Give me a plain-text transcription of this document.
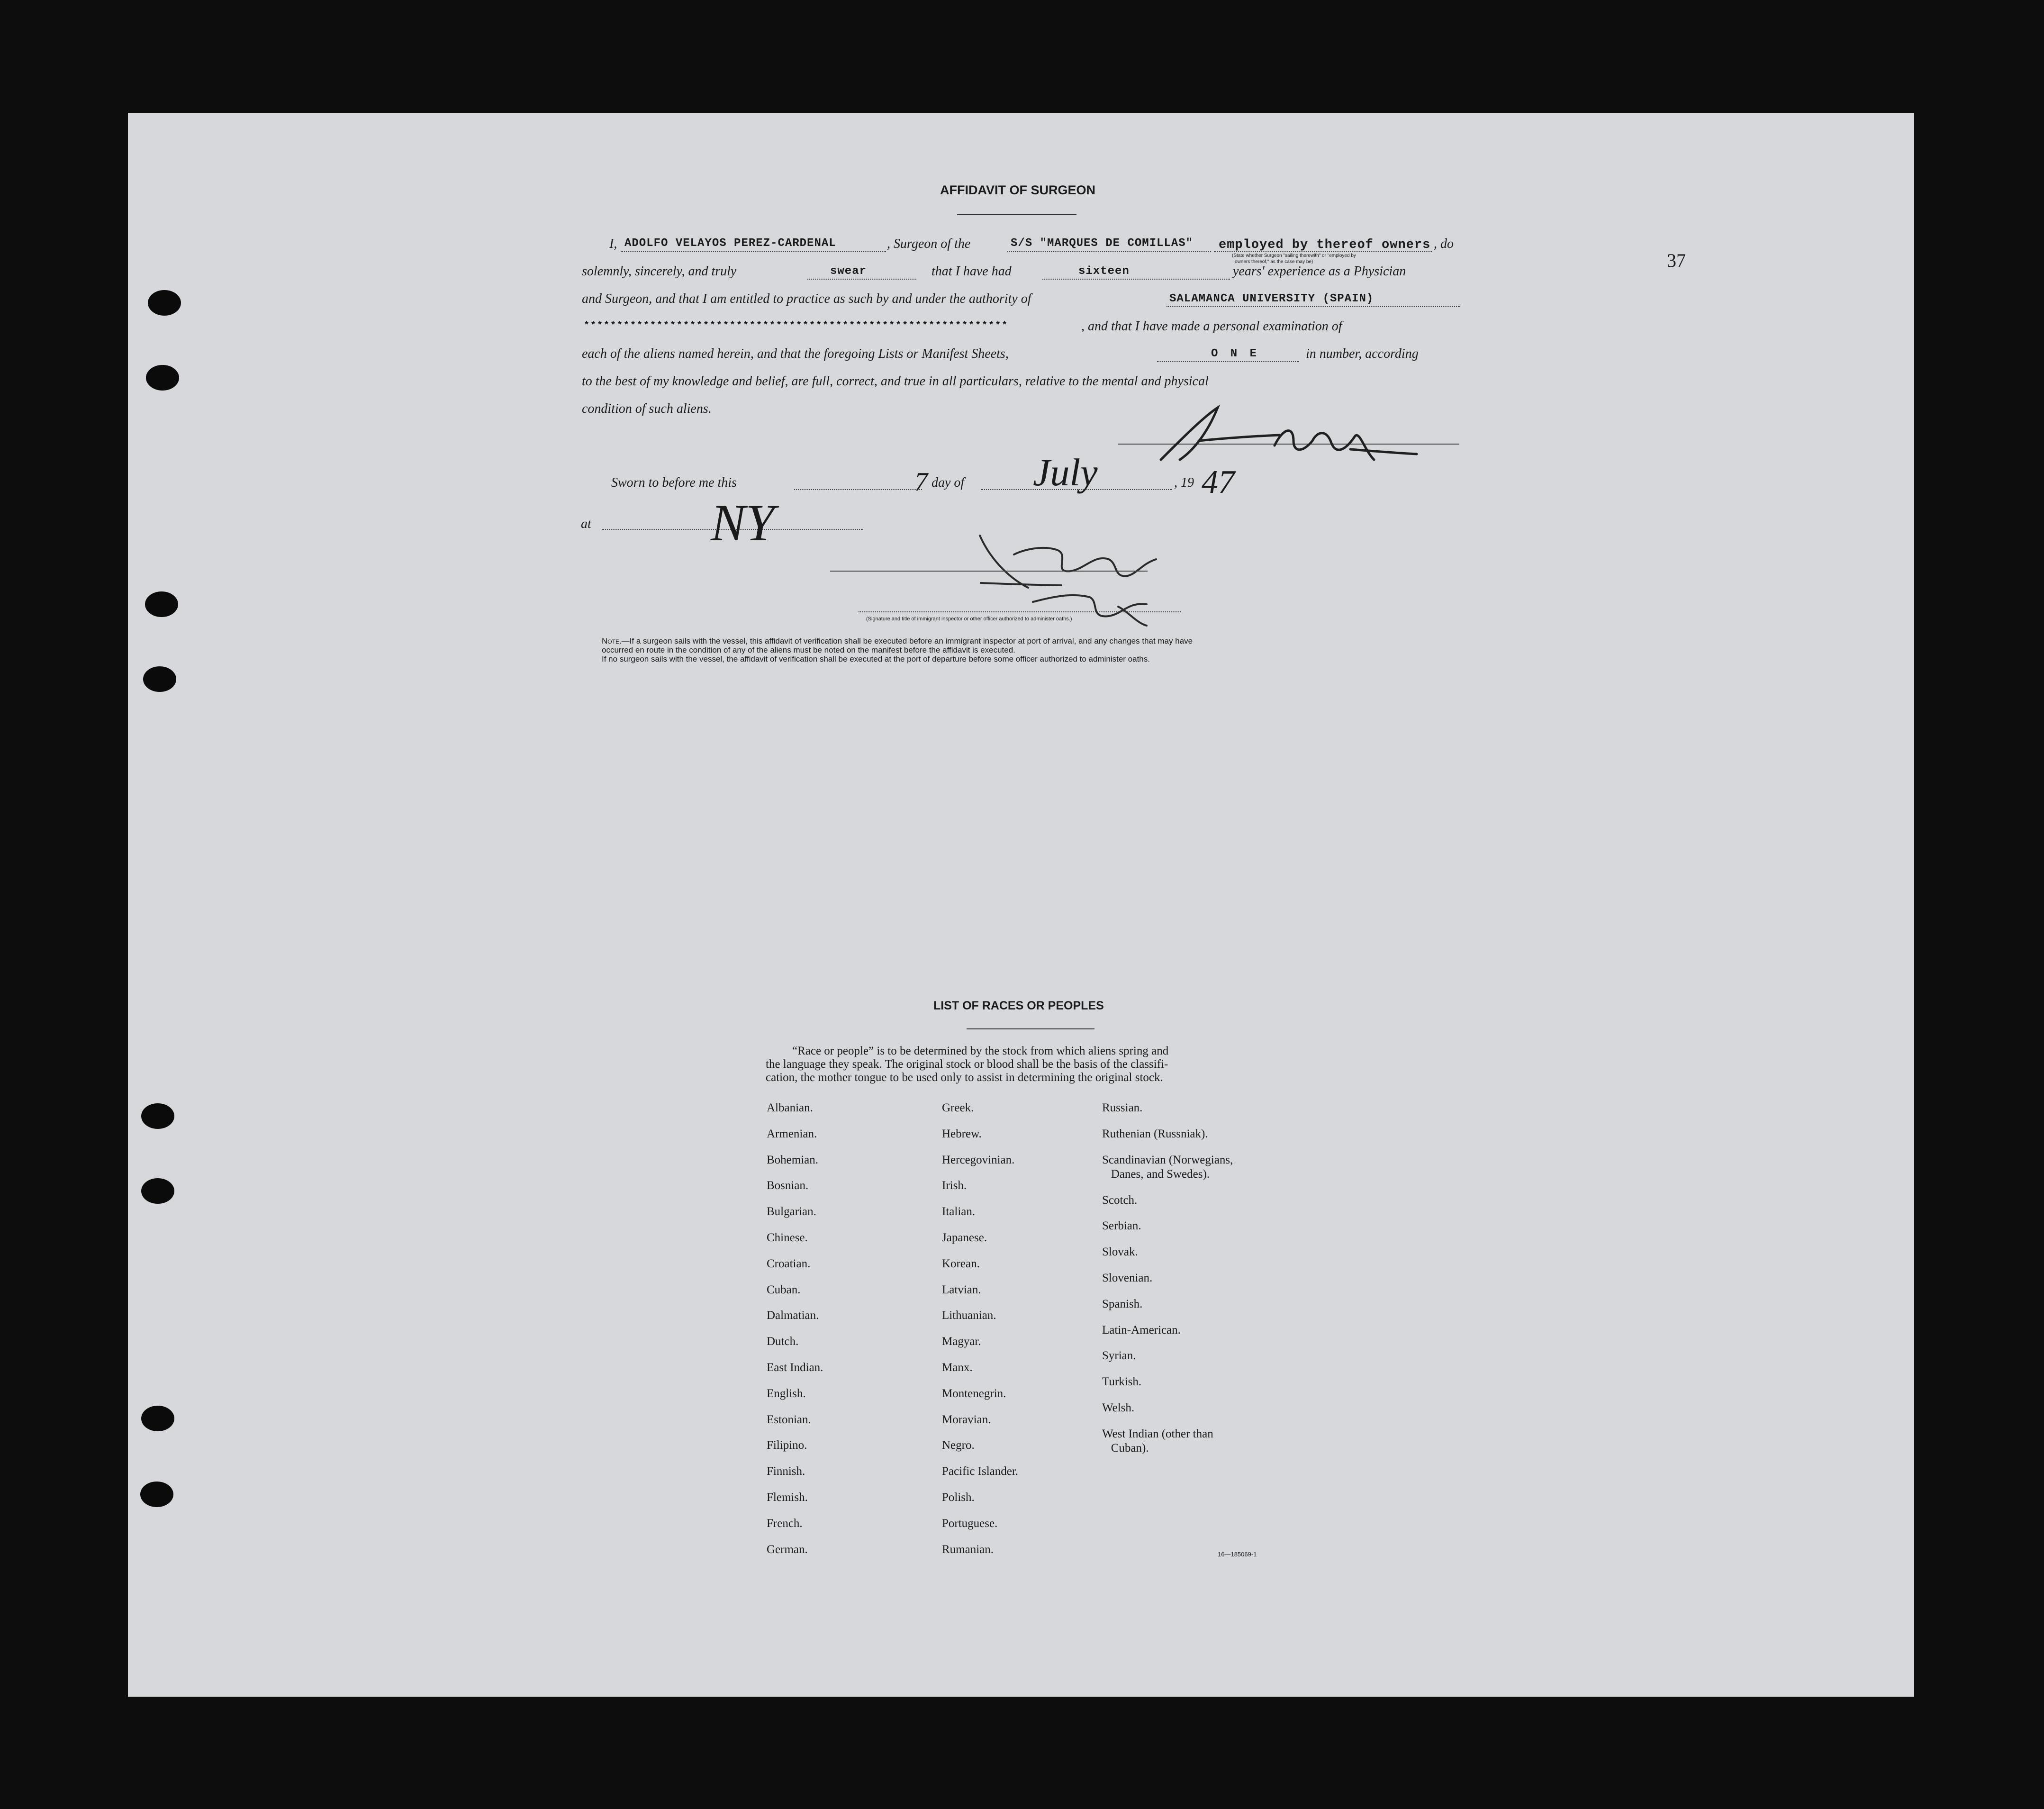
37
AFFIDAVIT OF SURGEON
I, ADOLFO VELAYOS PEREZ-CARDENAL	, Surgeon of the	S/S "MARQUES DE COMILLAS" employed by thereof owners
(State whether Surgeon "sailing therewith" or "employed by
owners thereof," as the case may be)
, do
solemnly, sincerely, and truly	swear	that I have had	sixteen	years' experience as a Physician
and Surgeon, and that I am entitled to practice as such by and under the authority of	SALAMANCA UNIVERSITY (SPAIN)
****************************************************************	, and that I have made a personal examination of
each of the aliens named herein, and that the foregoing Lists or Manifest Sheets,	O N E	in number, according
to the best of my knowledge and belief, are full, correct, and true in all particulars, relative to the mental and physical
condition of such aliens.
Sworn to before me this	7 day of July	, 19 47
at NY
(Signature and title of immigrant inspector or other officer authorized to administer oaths.)
Note.—If a surgeon sails with the vessel, this affidavit of verification shall be executed before an immigrant inspector at port of arrival, and any changes that may have
occurred en route in the condition of any of the aliens must be noted on the manifest before the affidavit is executed.
If no surgeon sails with the vessel, the affidavit of verification shall be executed at the port of departure before some officer authorized to administer oaths.
LIST OF RACES OR PEOPLES
“Race or people” is to be determined by the stock from which aliens spring and
the language they speak. The original stock or blood shall be the basis of the classifi-
cation, the mother tongue to be used only to assist in determining the original stock.
Albanian.
Armenian.
Bohemian.
Bosnian.
Bulgarian.
Chinese.
Croatian.
Cuban.
Dalmatian.
Dutch.
East Indian.
English.
Estonian.
Filipino.
Finnish.
Flemish.
French.
German.
Greek.
Hebrew.
Hercegovinian.
Irish.
Italian.
Japanese.
Korean.
Latvian.
Lithuanian.
Magyar.
Manx.
Montenegrin.
Moravian.
Negro.
Pacific Islander.
Polish.
Portuguese.
Rumanian.
Russian.
Ruthenian (Russniak).
Scandinavian (Norwegians,
Danes, and Swedes).
Scotch.
Serbian.
Slovak.
Slovenian.
Spanish.
Latin-American.
Syrian.
Turkish.
Welsh.
West Indian (other than
Cuban).
16—185069-1
